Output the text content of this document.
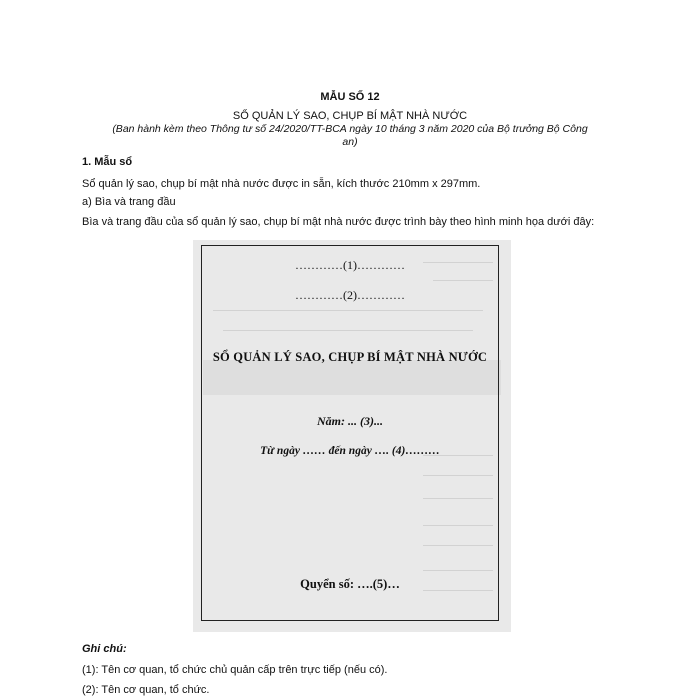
MẪU SỐ 12
SỔ QUẢN LÝ SAO, CHỤP BÍ MẬT NHÀ NƯỚC
(Ban hành kèm theo Thông tư số 24/2020/TT-BCA ngày 10 tháng 3 năm 2020 của Bộ trưởng Bộ Công
an)
1. Mẫu sổ
Sổ quản lý sao, chụp bí mật nhà nước được in sẵn, kích thước 210mm x 297mm.
a) Bìa và trang đầu
Bìa và trang đầu của sổ quản lý sao, chụp bí mật nhà nước được trình bày theo hình minh họa dưới đây:
…………(1)…………
…………(2)…………
SỔ QUẢN LÝ SAO, CHỤP BÍ MẬT NHÀ NƯỚC
Năm: ... (3)...
Từ ngày …… đến ngày …. (4)………
Quyển số: ….(5)…
Ghi chú:
(1): Tên cơ quan, tổ chức chủ quản cấp trên trực tiếp (nếu có).
(2): Tên cơ quan, tổ chức.
